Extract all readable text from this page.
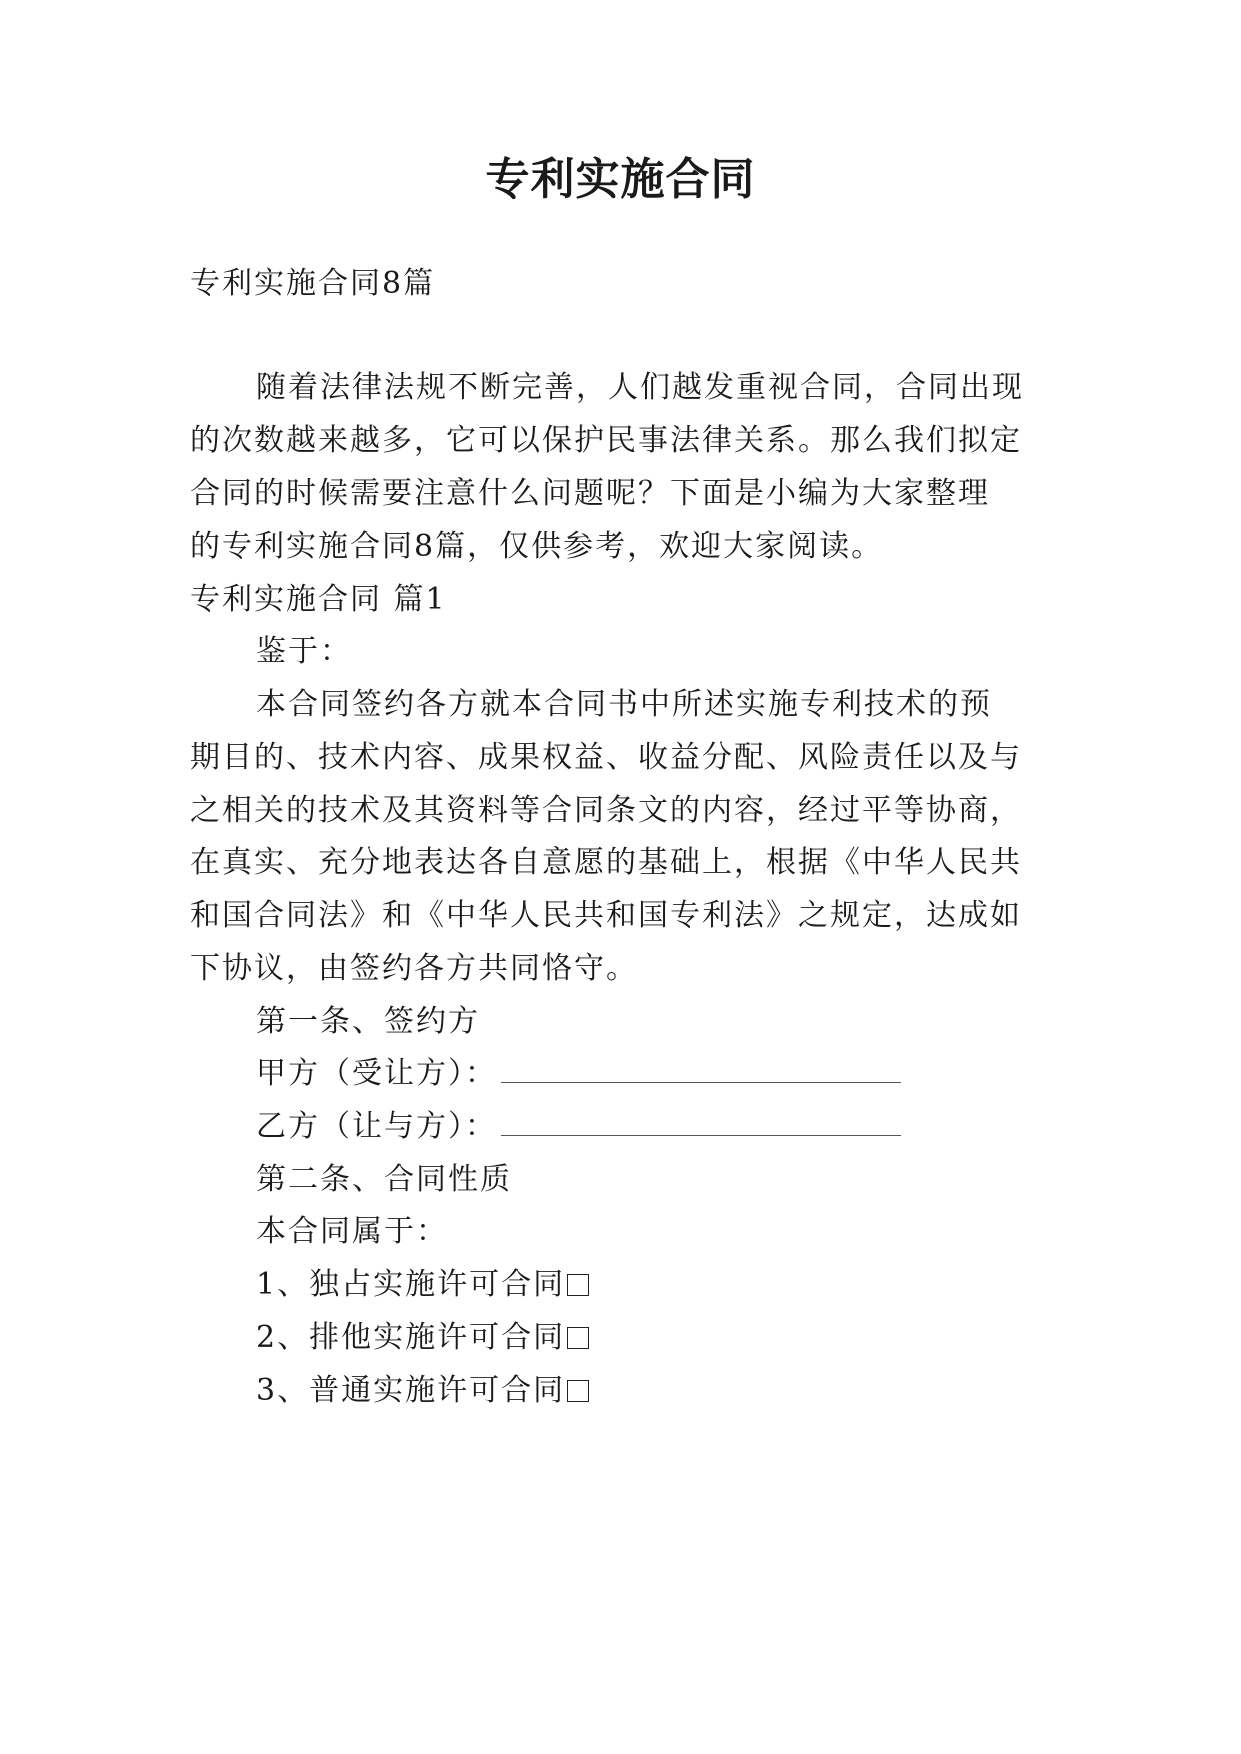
专利实施合同
专利实施合同8篇
随着法律法规不断完善，人们越发重视合同，合同出现
的次数越来越多，它可以保护民事法律关系。那么我们拟定
合同的时候需要注意什么问题呢？下面是小编为大家整理
的专利实施合同8篇，仅供参考，欢迎大家阅读。
专利实施合同 篇1
鉴于：
本合同签约各方就本合同书中所述实施专利技术的预
期目的、技术内容、成果权益、收益分配、风险责任以及与
之相关的技术及其资料等合同条文的内容，经过平等协商，
在真实、充分地表达各自意愿的基础上，根据《中华人民共
和国合同法》和《中华人民共和国专利法》之规定，达成如
下协议，由签约各方共同恪守。
第一条、签约方
甲方（受让方）：
乙方（让与方）：
第二条、合同性质
本合同属于：
1、独占实施许可合同
2、排他实施许可合同
3、普通实施许可合同
